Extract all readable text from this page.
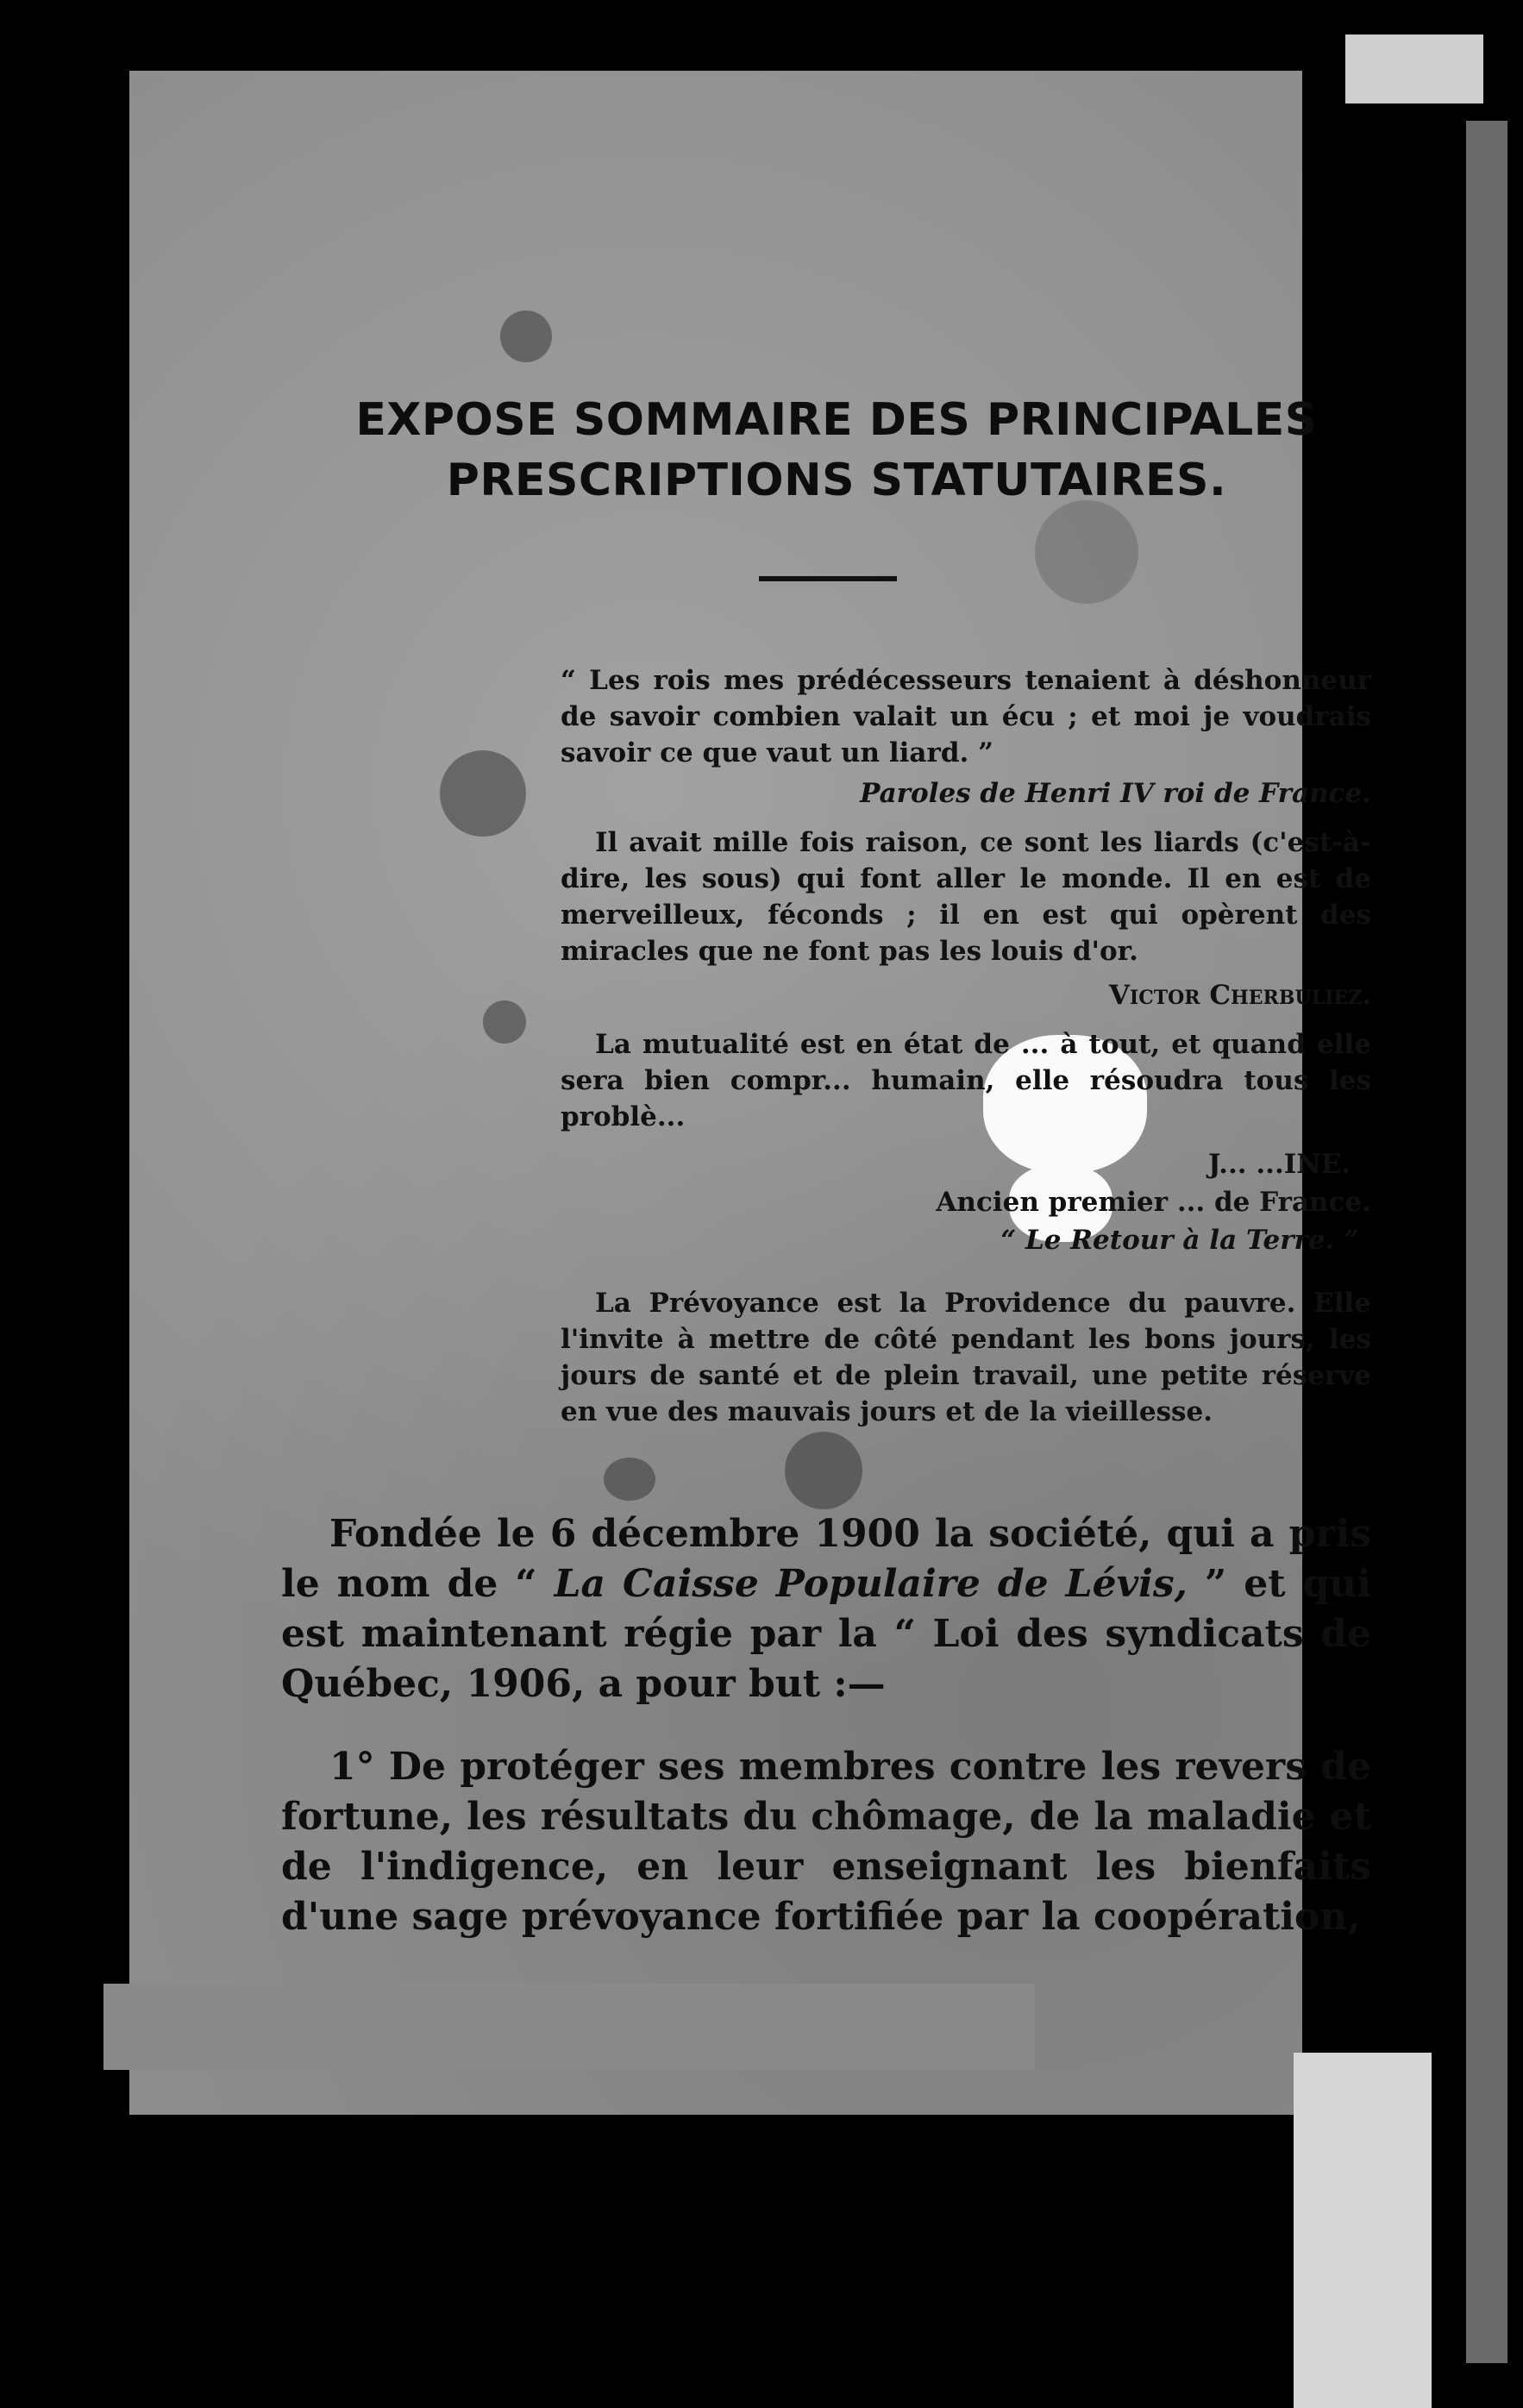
EXPOSE SOMMAIRE DES PRINCIPALES
PRESCRIPTIONS STATUTAIRES.
“ Les rois mes prédécesseurs tenaient à déshonneur de savoir combien valait un écu ; et moi je voudrais savoir ce que vaut un liard. ”
Paroles de Henri IV roi de France.
Il avait mille fois raison, ce sont les liards (c'est-à-dire, les sous) qui font aller le monde. Il en est de merveilleux, féconds ; il en est qui opèrent des miracles que ne font pas les louis d'or.
Victor Cherbuliez.
La mutualité est en état de ... à tout, et quand elle sera bien compr... humain, elle résoudra tous les problè...
J... ...INE.
Ancien premier ... de France.
“ Le Retour à la Terre. ”
La Prévoyance est la Providence du pauvre. Elle l'invite à mettre de côté pendant les bons jours, les jours de santé et de plein travail, une petite réserve en vue des mauvais jours et de la vieillesse.
Fondée le 6 décembre 1900 la société, qui a pris le nom de “ La Caisse Populaire de Lévis, ” et qui est maintenant régie par la “ Loi des syndicats de Québec, 1906, a pour but :—
1° De protéger ses membres contre les revers de fortune, les résultats du chômage, de la maladie et de l'indigence, en leur enseignant les bienfaits d'une sage prévoyance fortifiée par la coopération,
